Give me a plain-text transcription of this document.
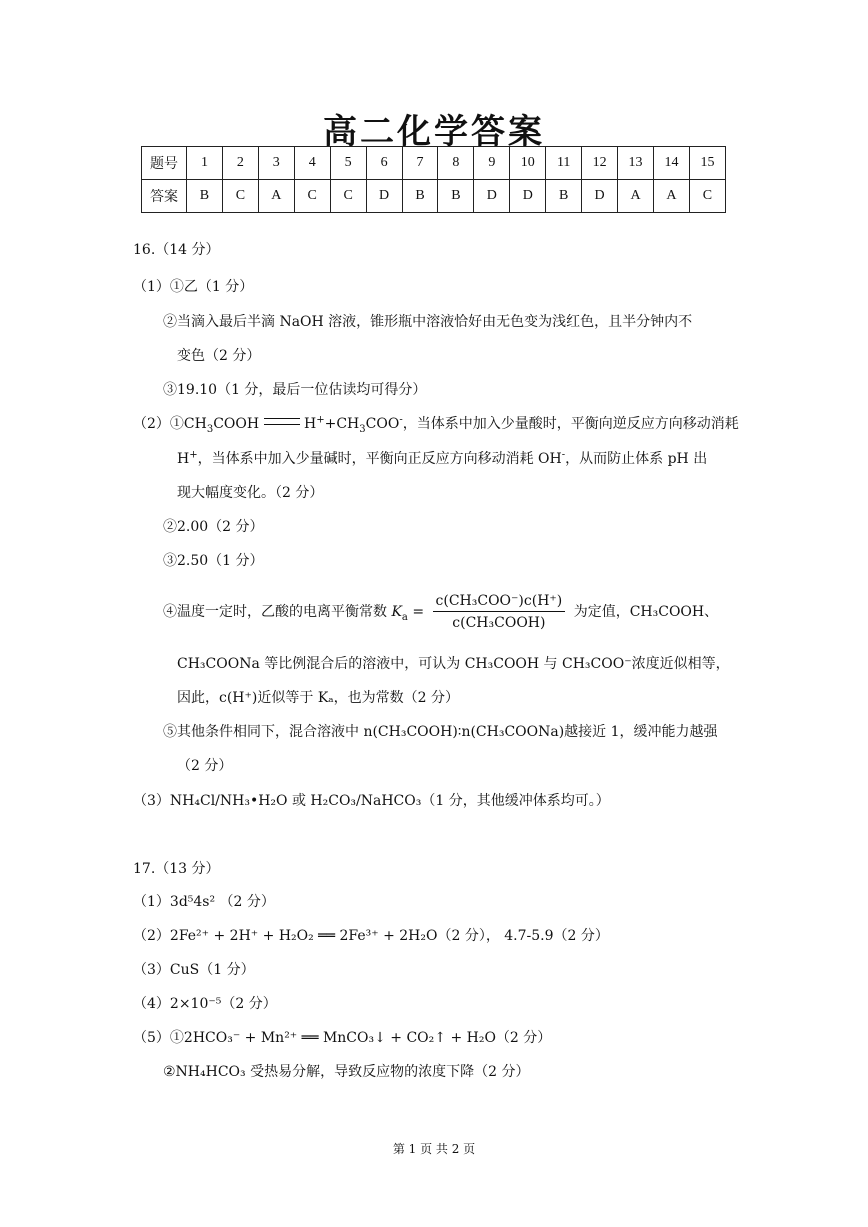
高二化学答案
题号	1	2	3	4	5	6	7	8	9	10	11	12	13	14	15
答案	B	C	A	C	C	D	B	B	D	D	B	D	A	A	C
16.（14 分）
（1）①乙（1 分）
②当滴入最后半滴 NaOH 溶液，锥形瓶中溶液恰好由无色变为浅红色，且半分钟内不
变色（2 分）
③19.10（1 分，最后一位估读均可得分）
$(2)①CH_3COOH$	$H^++CH_3COO^-$，当体系中加入少量酸时，平衡向逆反应方向移动消耗
H+，当体系中加入少量碱时，平衡向正反应方向移动消耗 OH-，从而防止体系 pH 出
现大幅度变化。（2 分）
②2.00（2 分）
③2.50（1 分）
④温度一定时，乙酸的电离平衡常数 $K_a = \frac{\text{c(CH₃COO⁻)c(H⁺)}}{\text{c(CH₃COOH)}}$ 为定值，CH₃COOH、
CH₃COONa 等比例混合后的溶液中，可认为 CH₃COOH 与 CH₃COO⁻浓度近似相等，
因此，c(H⁺)近似等于 Kₐ，也为常数（2 分）
⑤其他条件相同下，混合溶液中 n(CH₃COOH)∶n(CH₃COONa)越接近 1，缓冲能力越强
（2 分）
（3）NH₄Cl/NH₃•H₂O 或 H₂CO₃/NaHCO₃（1 分，其他缓冲体系均可。）
17.（13 分）
（1）3d⁵4s² （2 分）
（2）2Fe²⁺ + 2H⁺ + H₂O₂ ══ 2Fe³⁺ + 2H₂O（2 分）， 4.7-5.9（2 分）
（3）CuS（1 分）
（4）2×10⁻⁵（2 分）
（5）①2HCO₃⁻ + Mn²⁺ ══ MnCO₃↓ + CO₂↑ + H₂O（2 分）
②NH₄HCO₃ 受热易分解，导致反应物的浓度下降（2 分）
第 1 页 共 2 页
